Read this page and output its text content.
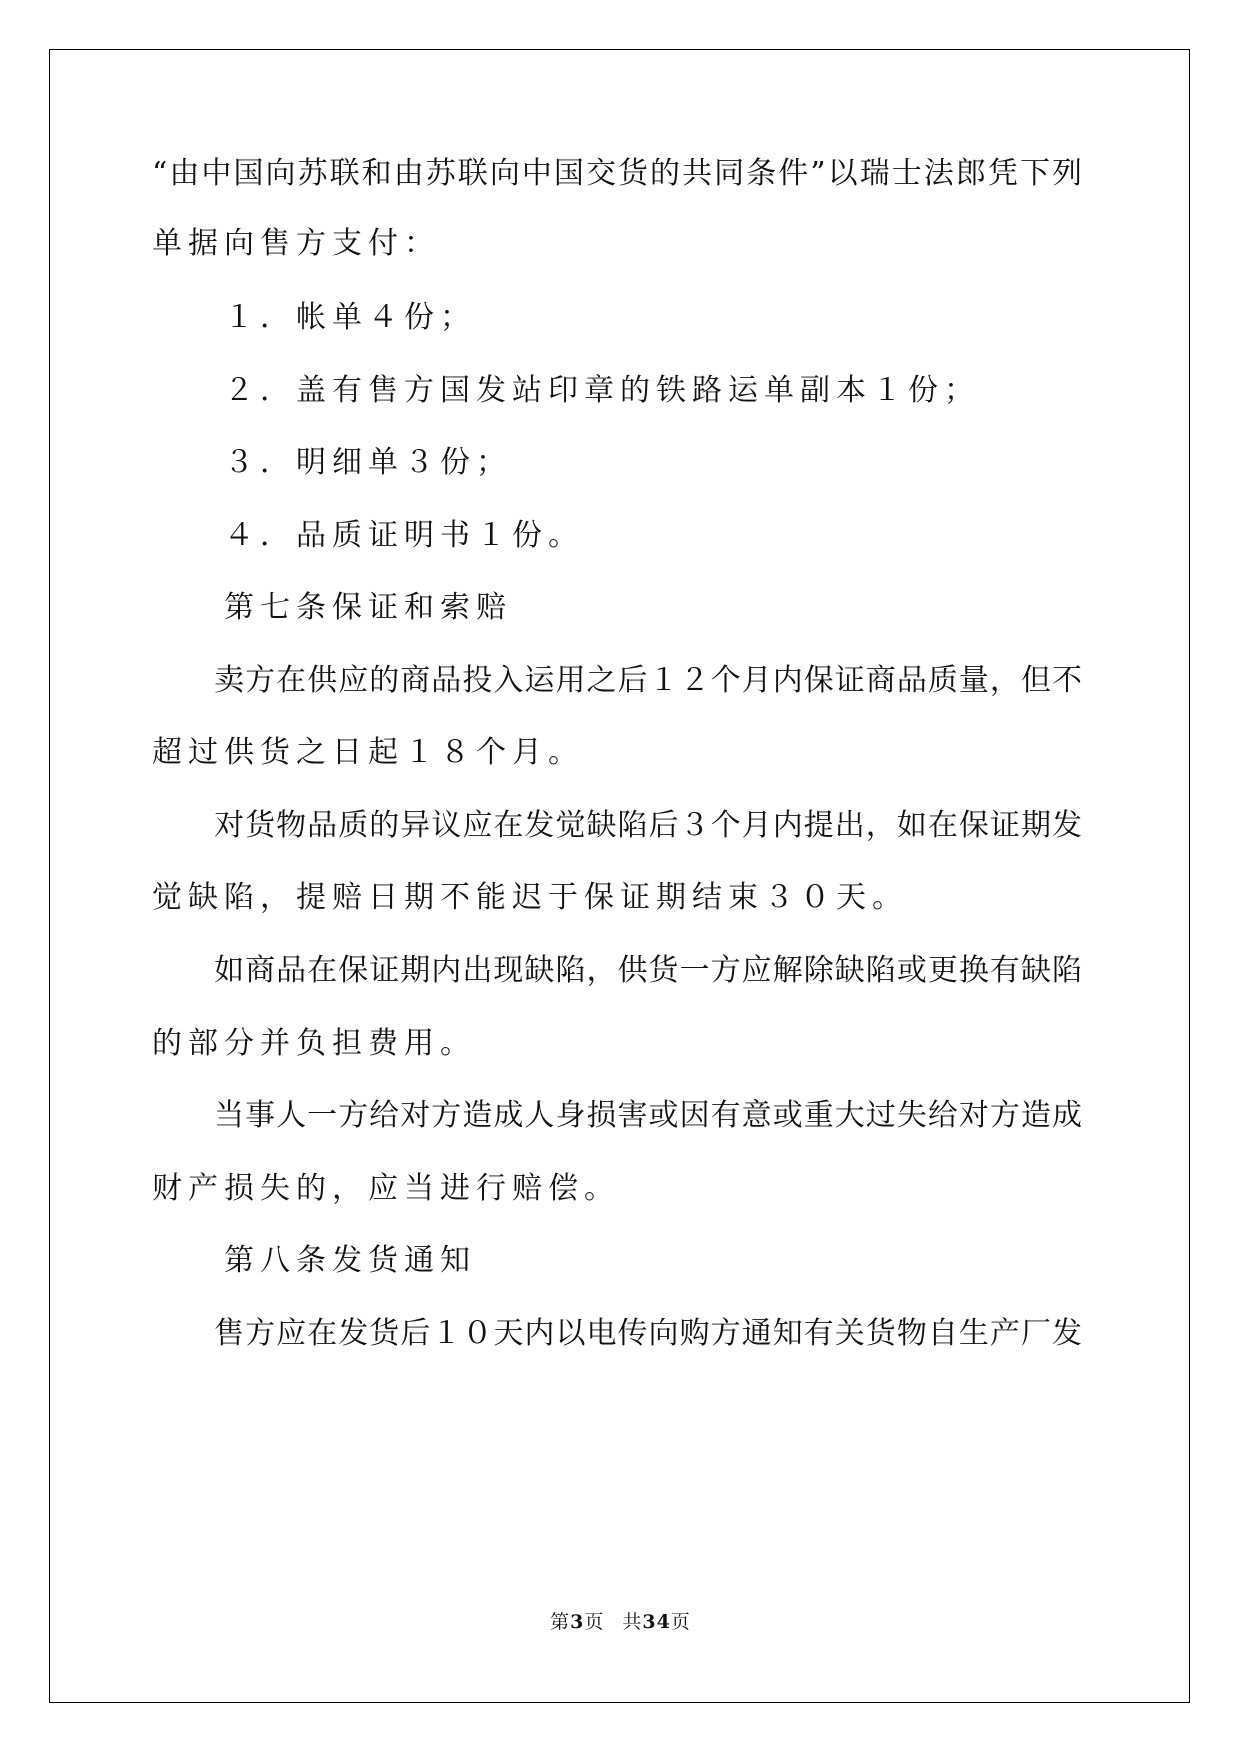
“由中国向苏联和由苏联向中国交货的共同条件”以瑞士法郎凭下列
单据向售方支付：
　　１．帐单４份；
　　２．盖有售方国发站印章的铁路运单副本１份；
　　３．明细单３份；
　　４．品质证明书１份。
　　第七条保证和索赔
　　卖方在供应的商品投入运用之后１２个月内保证商品质量，但不
超过供货之日起１８个月。
　　对货物品质的异议应在发觉缺陷后３个月内提出，如在保证期发
觉缺陷，提赔日期不能迟于保证期结束３０天。
　　如商品在保证期内出现缺陷，供货一方应解除缺陷或更换有缺陷
的部分并负担费用。
　　当事人一方给对方造成人身损害或因有意或重大过失给对方造成
财产损失的，应当进行赔偿。
　　第八条发货通知
　　售方应在发货后１０天内以电传向购方通知有关货物自生产厂发
第3页 共34页
